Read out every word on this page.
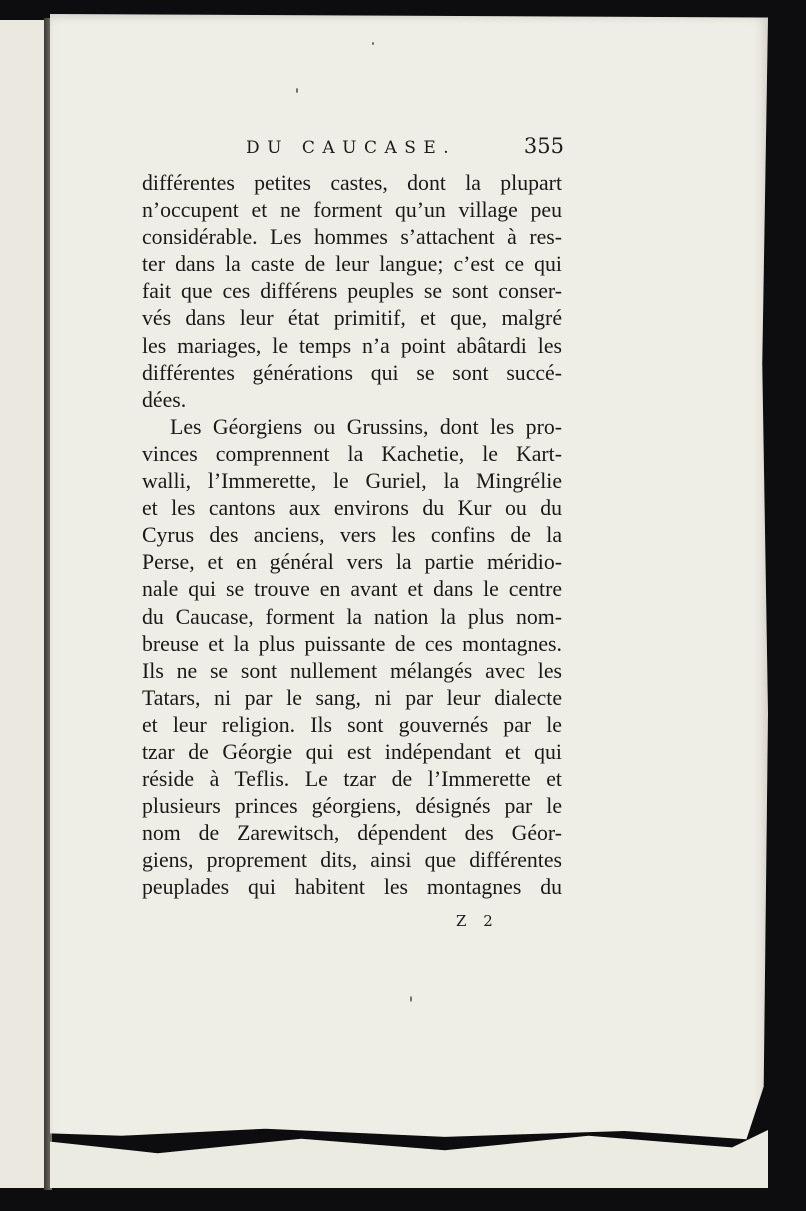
DU CAUCASE.	355
différentes petites castes, dont la plupart
n’occupent et ne forment qu’un village peu
considérable. Les hommes s’attachent à res-
ter dans la caste de leur langue; c’est ce qui
fait que ces différens peuples se sont conser-
vés dans leur état primitif, et que, malgré
les mariages, le temps n’a point abâtardi les
différentes générations qui se sont succé-
dées.
Les Géorgiens ou Grussins, dont les pro-
vinces comprennent la Kachetie, le Kart-
walli, l’Immerette, le Guriel, la Mingrélie
et les cantons aux environs du Kur ou du
Cyrus des anciens, vers les confins de la
Perse, et en général vers la partie méridio-
nale qui se trouve en avant et dans le centre
du Caucase, forment la nation la plus nom-
breuse et la plus puissante de ces montagnes.
Ils ne se sont nullement mélangés avec les
Tatars, ni par le sang, ni par leur dialecte
et leur religion. Ils sont gouvernés par le
tzar de Géorgie qui est indépendant et qui
réside à Teflis. Le tzar de l’Immerette et
plusieurs princes géorgiens, désignés par le
nom de Zarewitsch, dépendent des Géor-
giens, proprement dits, ainsi que différentes
peuplades qui habitent les montagnes du
Z 2
